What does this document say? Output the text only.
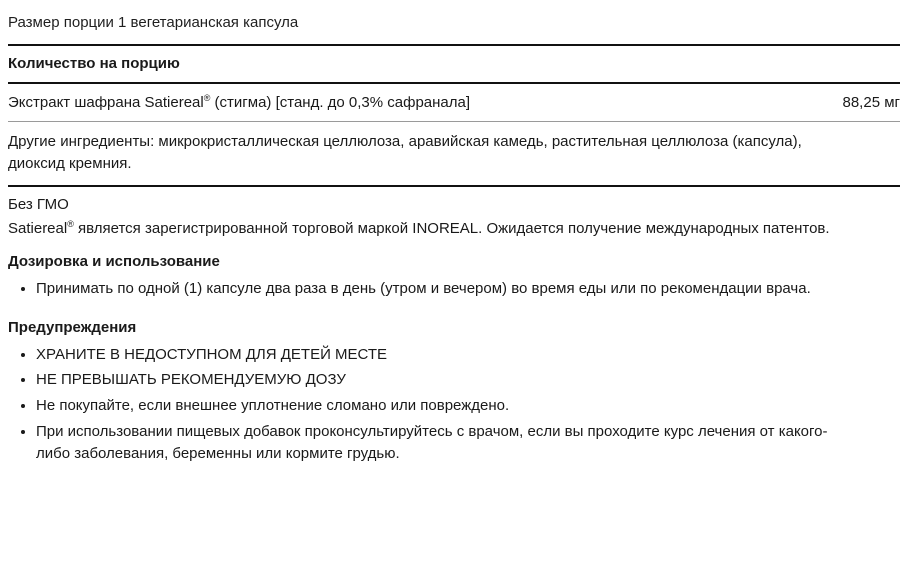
Размер порции 1 вегетарианская капсула
Количество на порцию
Экстракт шафрана Satiereal® (стигма) [станд. до 0,3% сафранала]	88,25 мг
Другие ингредиенты: микрокристаллическая целлюлоза, аравийская камедь, растительная целлюлоза (капсула), диоксид кремния.
Без ГМО
Satiereal® является зарегистрированной торговой маркой INOREAL. Ожидается получение международных патентов.
Дозировка и использование
• Принимать по одной (1) капсуле два раза в день (утром и вечером) во время еды или по рекомендации врача.
Предупреждения
• ХРАНИТЕ В НЕДОСТУПНОМ ДЛЯ ДЕТЕЙ МЕСТЕ
• НЕ ПРЕВЫШАТЬ РЕКОМЕНДУЕМУЮ ДОЗУ
• Не покупайте, если внешнее уплотнение сломано или повреждено.
• При использовании пищевых добавок проконсультируйтесь с врачом, если вы проходите курс лечения от какого-либо заболевания, беременны или кормите грудью.
